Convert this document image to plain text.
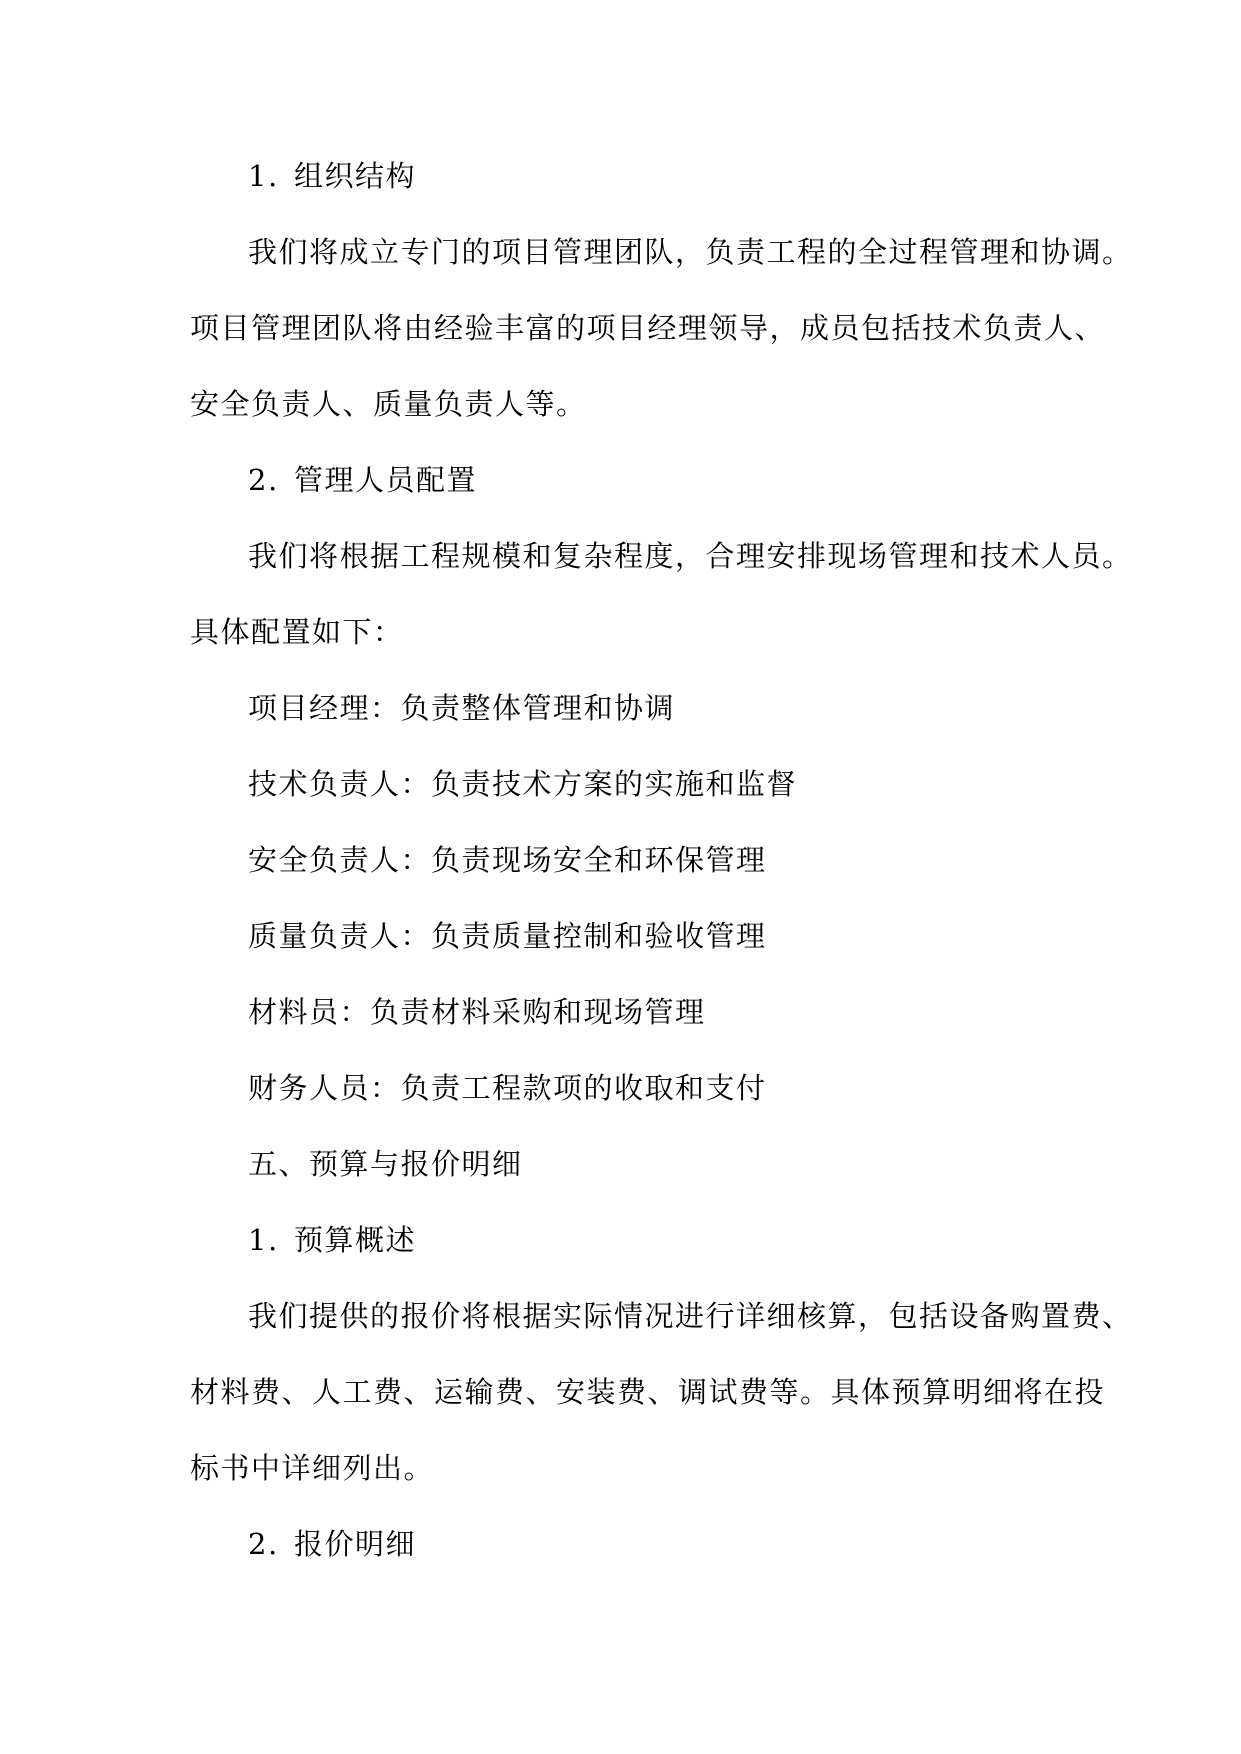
1. 组织结构
我们将成立专门的项目管理团队，负责工程的全过程管理和协调。
项目管理团队将由经验丰富的项目经理领导，成员包括技术负责人、
安全负责人、质量负责人等。
2. 管理人员配置
我们将根据工程规模和复杂程度，合理安排现场管理和技术人员。
具体配置如下：
项目经理：负责整体管理和协调
技术负责人：负责技术方案的实施和监督
安全负责人：负责现场安全和环保管理
质量负责人：负责质量控制和验收管理
材料员：负责材料采购和现场管理
财务人员：负责工程款项的收取和支付
五、预算与报价明细
1. 预算概述
我们提供的报价将根据实际情况进行详细核算，包括设备购置费、
材料费、人工费、运输费、安装费、调试费等。具体预算明细将在投
标书中详细列出。
2. 报价明细
